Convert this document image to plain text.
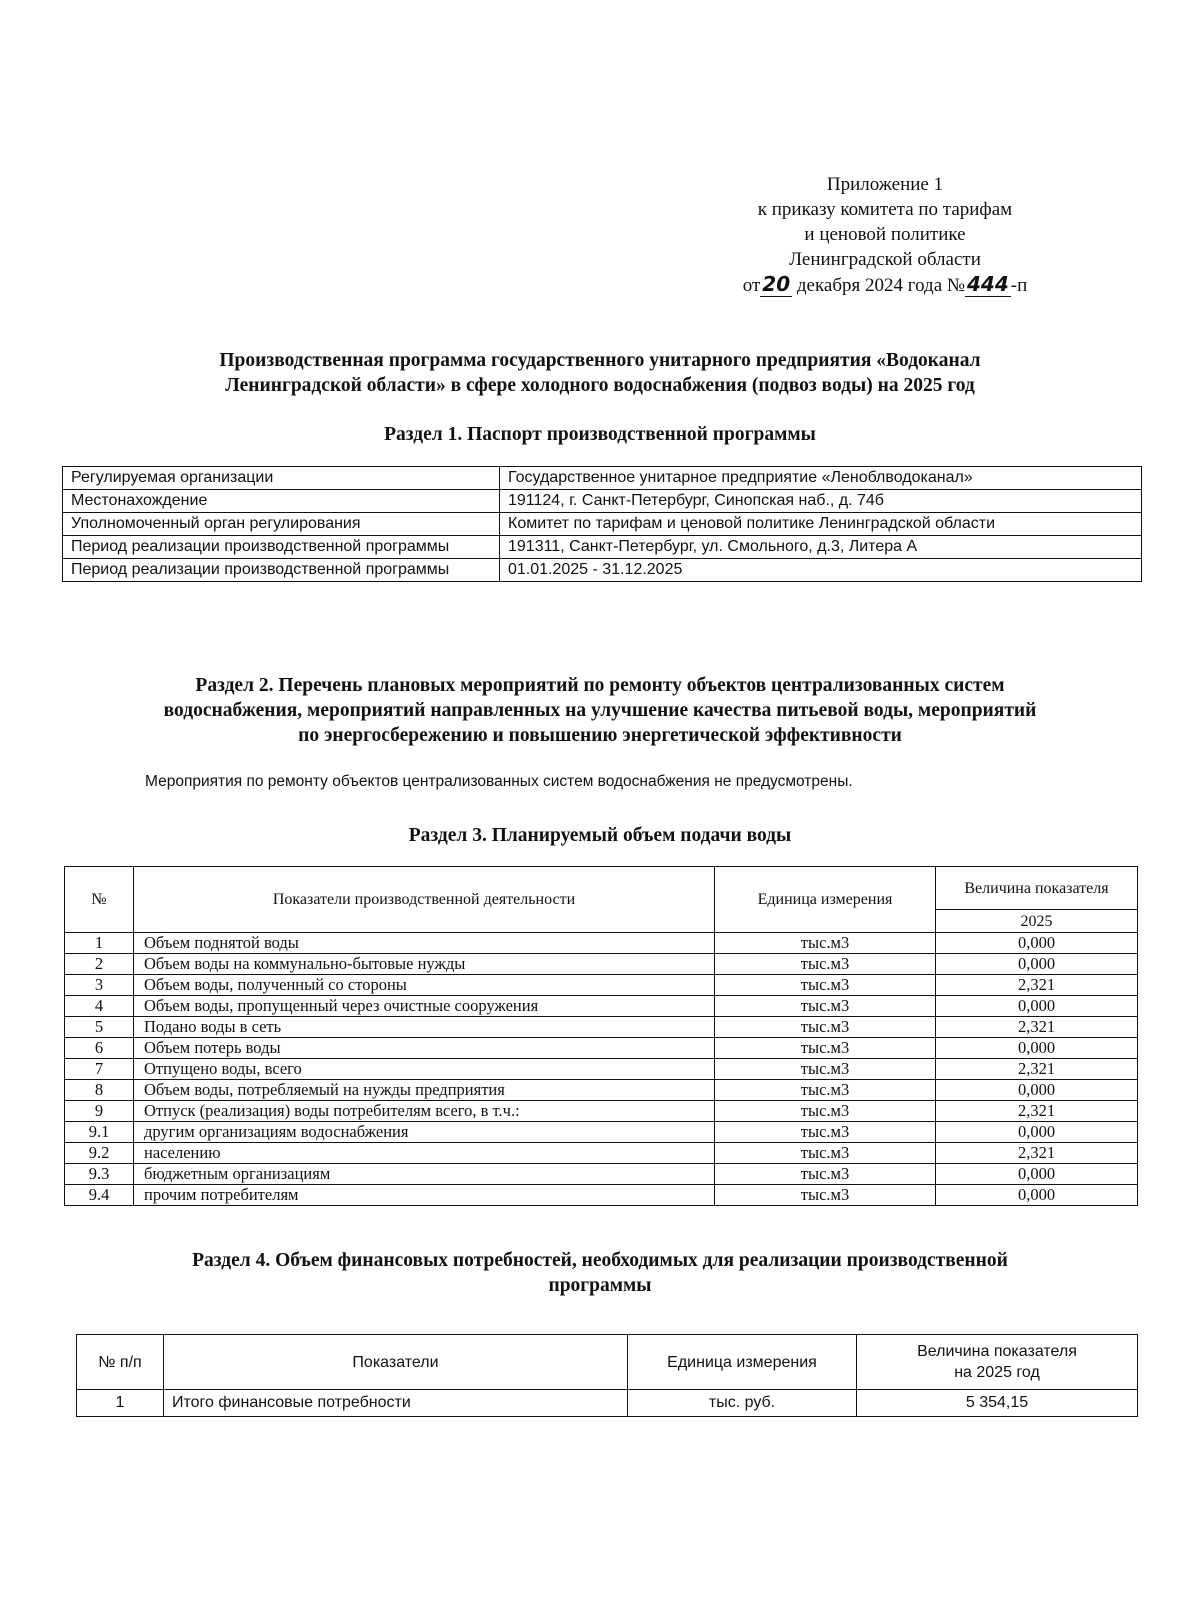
Приложение 1
к приказу комитета по тарифам
и ценовой политике
Ленинградской области
от 20 декабря 2024 года № 444 -п
Производственная программа государственного унитарного предприятия «Водоканал
Ленинградской области» в сфере холодного водоснабжения (подвоз воды) на 2025 год
Раздел 1. Паспорт производственной программы
Регулируемая организации	Государственное унитарное предприятие «Леноблводоканал»
Местонахождение	191124, г. Санкт-Петербург, Синопская наб., д. 74б
Уполномоченный орган регулирования	Комитет по тарифам и ценовой политике Ленинградской области
Период реализации производственной программы	191311, Санкт-Петербург, ул. Смольного, д.3, Литера А
Период реализации производственной программы	01.01.2025 - 31.12.2025
Раздел 2. Перечень плановых мероприятий по ремонту объектов централизованных систем
водоснабжения, мероприятий направленных на улучшение качества питьевой воды, мероприятий
по энергосбережению и повышению энергетической эффективности
Мероприятия по ремонту объектов централизованных систем водоснабжения не предусмотрены.
Раздел 3. Планируемый объем подачи воды
№	Показатели производственной деятельности	Единица измерения	Величина показателя
			2025
1	Объем поднятой воды	тыс.м3	0,000
2	Объем воды на коммунально-бытовые нужды	тыс.м3	0,000
3	Объем воды, полученный со стороны	тыс.м3	2,321
4	Объем воды, пропущенный через очистные сооружения	тыс.м3	0,000
5	Подано воды в сеть	тыс.м3	2,321
6	Объем потерь воды	тыс.м3	0,000
7	Отпущено воды, всего	тыс.м3	2,321
8	Объем воды, потребляемый на нужды предприятия	тыс.м3	0,000
9	Отпуск (реализация) воды потребителям всего, в т.ч.:	тыс.м3	2,321
9.1	другим организациям водоснабжения	тыс.м3	0,000
9.2	населению	тыс.м3	2,321
9.3	бюджетным организациям	тыс.м3	0,000
9.4	прочим потребителям	тыс.м3	0,000
Раздел 4. Объем финансовых потребностей, необходимых для реализации производственной
программы
№ п/п	Показатели	Единица измерения	Величина показателя
на 2025 год

1	Итого финансовые потребности	тыс. руб.	5 354,15
